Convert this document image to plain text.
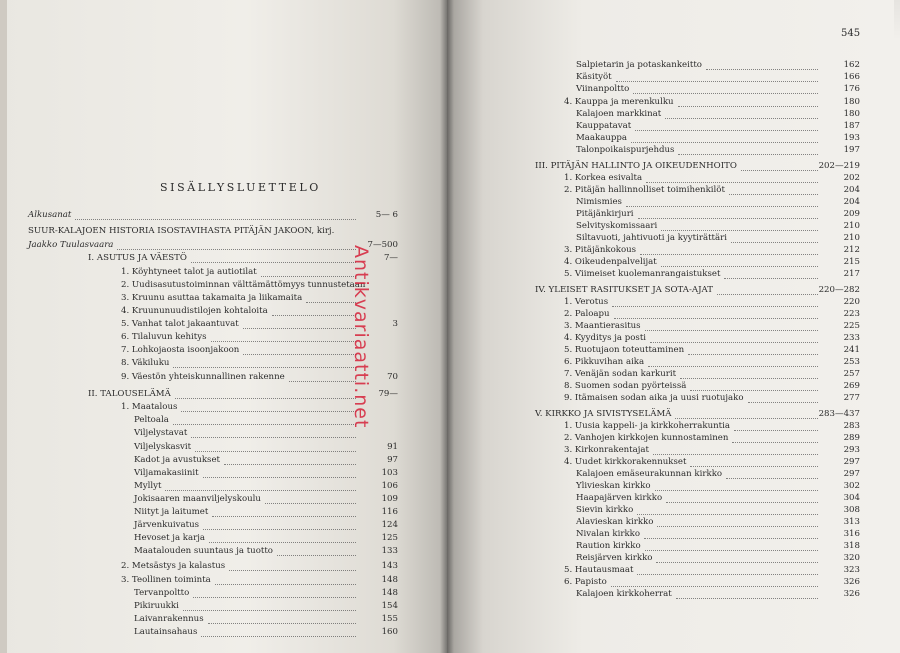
SISÄLLYSLUETTELO
Alkusanat	5— 6
SUUR-KALAJOEN HISTORIA ISOSTAVIHASTA PITÄJÄN JAKOON, kirj.
Jaakko Tuulasvaara	7—500
I. ASUTUS JA VÄESTÖ	7—
1. Köyhtyneet talot ja autiotilat
2. Uudisasutustoiminnan välttämättömyys tunnustetaan
3. Kruunu asuttaa takamaita ja liikamaita
4. Kruununuudistilojen kohtaloita
5. Vanhat talot jakaantuvat	3
6. Tilaluvun kehitys
7. Lohkojaosta isoonjakoon
8. Väkiluku
9. Väestön yhteiskunnallinen rakenne	70
II. TALOUSELÄMÄ	79—
1. Maatalous
Peltoala
Viljelystavat
Viljelyskasvit	91
Kadot ja avustukset	97
Viljamakasiinit	103
Myllyt	106
Jokisaaren maanviljelyskoulu	109
Niityt ja laitumet	116
Järvenkuivatus	124
Hevoset ja karja	125
Maatalouden suuntaus ja tuotto	133
2. Metsästys ja kalastus	143
3. Teollinen toiminta	148
Tervanpoltto	148
Pikiruukki	154
Laivanrakennus	155
Lautainsahaus	160
545
Salpietarin ja potaskankeitto	162
Käsityöt	166
Viinanpoltto	176
4. Kauppa ja merenkulku	180
Kalajoen markkinat	180
Kauppatavat	187
Maakauppa	193
Talonpoikaispurjehdus	197
III. PITÄJÄN HALLINTO JA OIKEUDENHOITO	202—219
1. Korkea esivalta	202
2. Pitäjän hallinnolliset toimihenkilöt	204
Nimismies	204
Pitäjänkirjuri	209
Selvityskomissaari	210
Siltavuoti, jahtivuoti ja kyytirättäri	210
3. Pitäjänkokous	212
4. Oikeudenpalvelijat	215
5. Viimeiset kuolemanrangaistukset	217
IV. YLEISET RASITUKSET JA SOTA-AJAT	220—282
1. Verotus	220
2. Paloapu	223
3. Maantierasitus	225
4. Kyyditys ja posti	233
5. Ruotujaon toteuttaminen	241
6. Pikkuvihan aika	253
7. Venäjän sodan karkurit	257
8. Suomen sodan pyörteissä	269
9. Itämaisen sodan aika ja uusi ruotujako	277
V. KIRKKO JA SIVISTYSELÄMÄ	283—437
1. Uusia kappeli- ja kirkkoherrakuntia	283
2. Vanhojen kirkkojen kunnostaminen	289
3. Kirkonrakentajat	293
4. Uudet kirkkorakennukset	297
Kalajoen emäseurakunnan kirkko	297
Ylivieskan kirkko	302
Haapajärven kirkko	304
Sievin kirkko	308
Alavieskan kirkko	313
Nivalan kirkko	316
Raution kirkko	318
Reisjärven kirkko	320
5. Hautausmaat	323
6. Papisto	326
Kalajoen kirkkoherrat	326
Antikvariaatti.net
